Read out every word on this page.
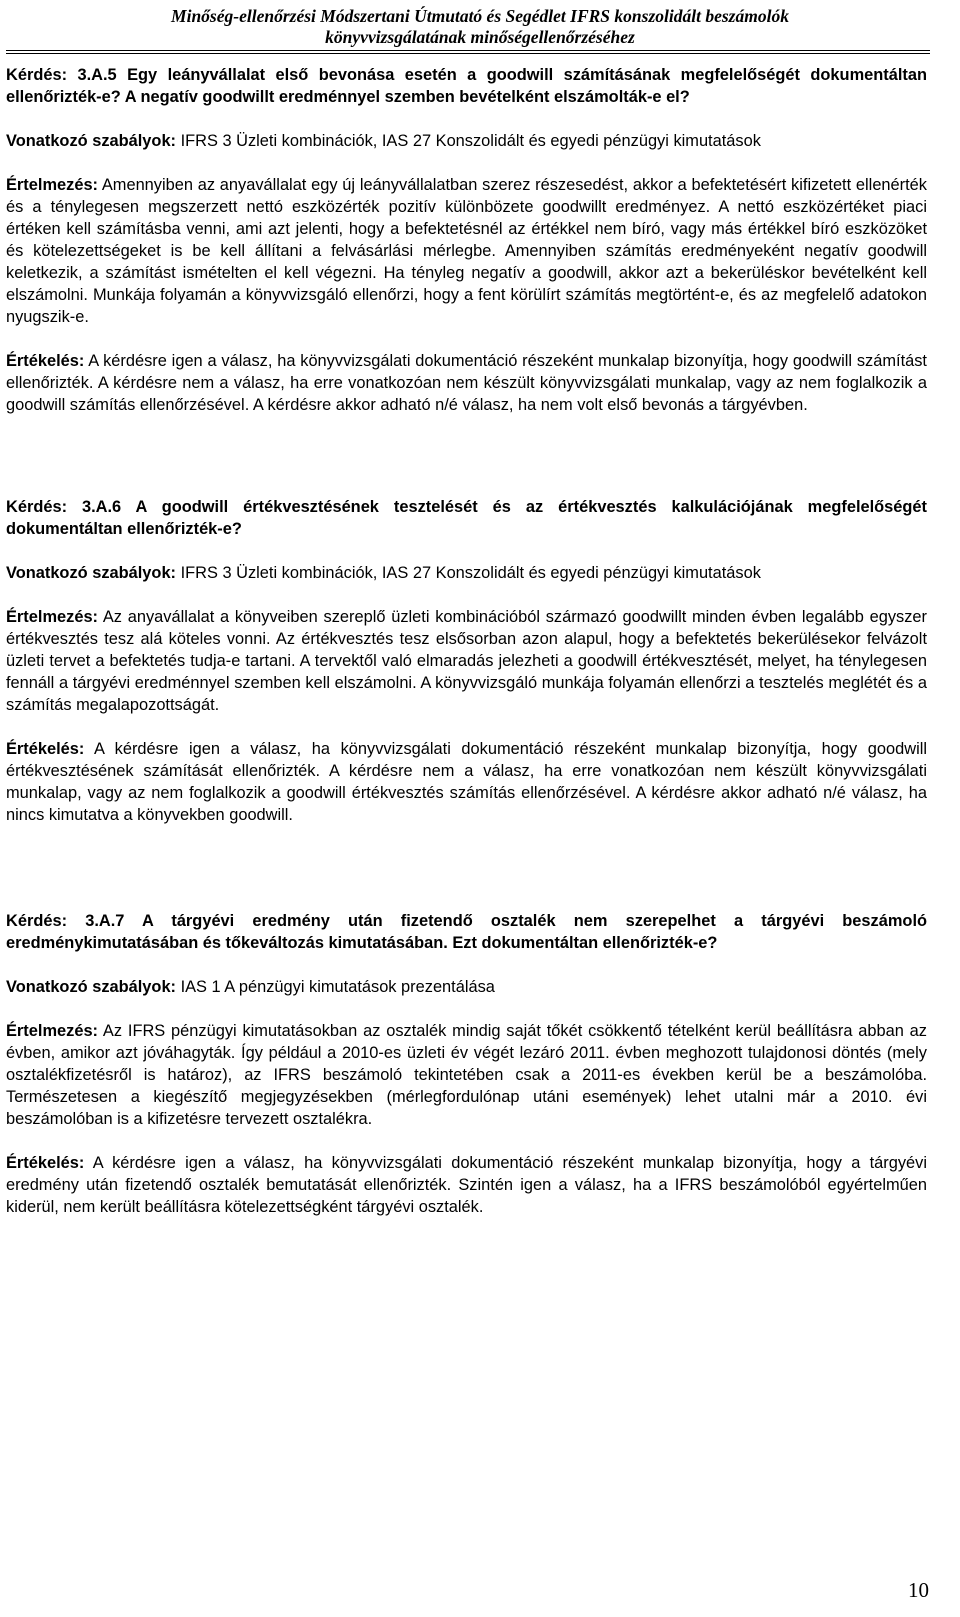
Minőség-ellenőrzési Módszertani Útmutató és Segédlet IFRS konszolidált beszámolók
könyvvizsgálatának minőségellenőrzéséhez

Kérdés: 3.A.5 Egy leányvállalat első bevonása esetén a goodwill számításának megfelelőségét dokumentáltan ellenőrizték-e? A negatív goodwillt eredménnyel szemben bevételként elszámolták-e el?

Vonatkozó szabályok: IFRS 3 Üzleti kombinációk, IAS 27 Konszolidált és egyedi pénzügyi kimutatások

Értelmezés: Amennyiben az anyavállalat egy új leányvállalatban szerez részesedést, akkor a befektetésért kifizetett ellenérték és a ténylegesen megszerzett nettó eszközérték pozitív különbözete goodwillt eredményez. A nettó eszközértéket piaci értéken kell számításba venni, ami azt jelenti, hogy a befektetésnél az értékkel nem bíró, vagy más értékkel bíró eszközöket és kötelezettségeket is be kell állítani a felvásárlási mérlegbe. Amennyiben számítás eredményeként negatív goodwill keletkezik, a számítást ismételten el kell végezni. Ha tényleg negatív a goodwill, akkor azt a bekerüléskor bevételként kell elszámolni. Munkája folyamán a könyvvizsgáló ellenőrzi, hogy a fent körülírt számítás megtörtént-e, és az megfelelő adatokon nyugszik-e.

Értékelés: A kérdésre igen a válasz, ha könyvvizsgálati dokumentáció részeként munkalap bizonyítja, hogy goodwill számítást ellenőrizték. A kérdésre nem a válasz, ha erre vonatkozóan nem készült könyvvizsgálati munkalap, vagy az nem foglalkozik a goodwill számítás ellenőrzésével. A kérdésre akkor adható n/é válasz, ha nem volt első bevonás a tárgyévben.

Kérdés: 3.A.6 A goodwill értékvesztésének tesztelését és az értékvesztés kalkulációjának megfelelőségét dokumentáltan ellenőrizték-e?

Vonatkozó szabályok: IFRS 3 Üzleti kombinációk, IAS 27 Konszolidált és egyedi pénzügyi kimutatások

Értelmezés: Az anyavállalat a könyveiben szereplő üzleti kombinációból származó goodwillt minden évben legalább egyszer értékvesztés tesz alá köteles vonni. Az értékvesztés tesz elsősorban azon alapul, hogy a befektetés bekerülésekor felvázolt üzleti tervet a befektetés tudja-e tartani. A tervektől való elmaradás jelezheti a goodwill értékvesztését, melyet, ha ténylegesen fennáll a tárgyévi eredménnyel szemben kell elszámolni. A könyvvizsgáló munkája folyamán ellenőrzi a tesztelés meglétét és a számítás megalapozottságát.

Értékelés: A kérdésre igen a válasz, ha könyvvizsgálati dokumentáció részeként munkalap bizonyítja, hogy goodwill értékvesztésének számítását ellenőrizték. A kérdésre nem a válasz, ha erre vonatkozóan nem készült könyvvizsgálati munkalap, vagy az nem foglalkozik a goodwill értékvesztés számítás ellenőrzésével. A kérdésre akkor adható n/é válasz, ha nincs kimutatva a könyvekben goodwill.

Kérdés: 3.A.7 A tárgyévi eredmény után fizetendő osztalék nem szerepelhet a tárgyévi beszámoló eredménykimutatásában és tőkeváltozás kimutatásában. Ezt dokumentáltan ellenőrizték-e?

Vonatkozó szabályok: IAS 1 A pénzügyi kimutatások prezentálása

Értelmezés: Az IFRS pénzügyi kimutatásokban az osztalék mindig saját tőkét csökkentő tételként kerül beállításra abban az évben, amikor azt jóváhagyták. Így például a 2010-es üzleti év végét lezáró 2011. évben meghozott tulajdonosi döntés (mely osztalékfizetésről is határoz), az IFRS beszámoló tekintetében csak a 2011-es években kerül be a beszámolóba. Természetesen a kiegészítő megjegyzésekben (mérlegfordulónap utáni események) lehet utalni már a 2010. évi beszámolóban is a kifizetésre tervezett osztalékra.

Értékelés: A kérdésre igen a válasz, ha könyvvizsgálati dokumentáció részeként munkalap bizonyítja, hogy a tárgyévi eredmény után fizetendő osztalék bemutatását ellenőrizték. Szintén igen a válasz, ha a IFRS beszámolóból egyértelműen kiderül, nem került beállításra kötelezettségként tárgyévi osztalék.

10
